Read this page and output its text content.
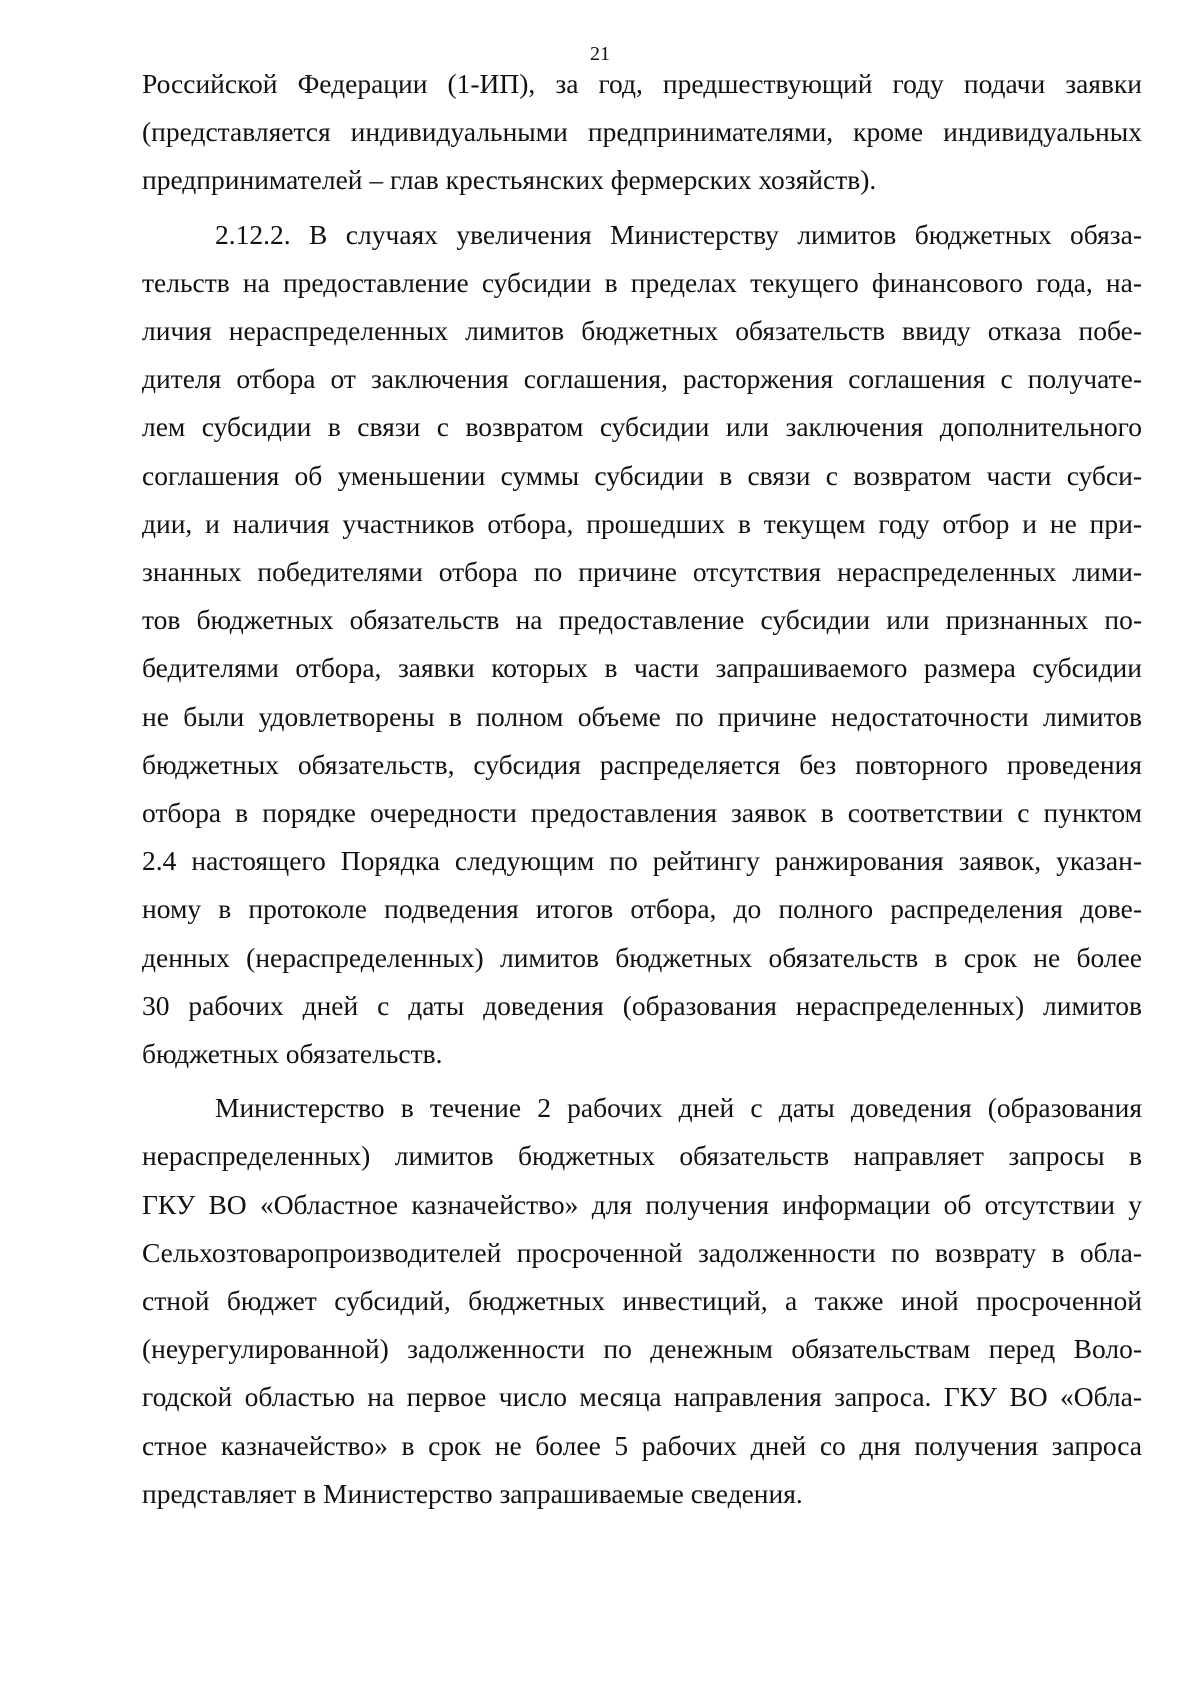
21

Российской Федерации (1-ИП), за год, предшествующий году подачи заявки
(представляется индивидуальными предпринимателями, кроме индивидуальных
предпринимателей – глав крестьянских фермерских хозяйств).

2.12.2. В случаях увеличения Министерству лимитов бюджетных обяза-
тельств на предоставление субсидии в пределах текущего финансового года, на-
личия нераспределенных лимитов бюджетных обязательств ввиду отказа побе-
дителя отбора от заключения соглашения, расторжения соглашения с получате-
лем субсидии в связи с возвратом субсидии или заключения дополнительного
соглашения об уменьшении суммы субсидии в связи с возвратом части субси-
дии, и наличия участников отбора, прошедших в текущем году отбор и не при-
знанных победителями отбора по причине отсутствия нераспределенных лими-
тов бюджетных обязательств на предоставление субсидии или признанных по-
бедителями отбора, заявки которых в части запрашиваемого размера субсидии
не были удовлетворены в полном объеме по причине недостаточности лимитов
бюджетных обязательств, субсидия распределяется без повторного проведения
отбора в порядке очередности предоставления заявок в соответствии с пунктом
2.4 настоящего Порядка следующим по рейтингу ранжирования заявок, указан-
ному в протоколе подведения итогов отбора, до полного распределения дове-
денных (нераспределенных) лимитов бюджетных обязательств в срок не более
30 рабочих дней с даты доведения (образования нераспределенных) лимитов
бюджетных обязательств.

Министерство в течение 2 рабочих дней с даты доведения (образования
нераспределенных) лимитов бюджетных обязательств направляет запросы в
ГКУ ВО «Областное казначейство» для получения информации об отсутствии у
Сельхозтоваропроизводителей просроченной задолженности по возврату в обла-
стной бюджет субсидий, бюджетных инвестиций, а также иной просроченной
(неурегулированной) задолженности по денежным обязательствам перед Воло-
годской областью на первое число месяца направления запроса. ГКУ ВО «Обла-
стное казначейство» в срок не более 5 рабочих дней со дня получения запроса
представляет в Министерство запрашиваемые сведения.
